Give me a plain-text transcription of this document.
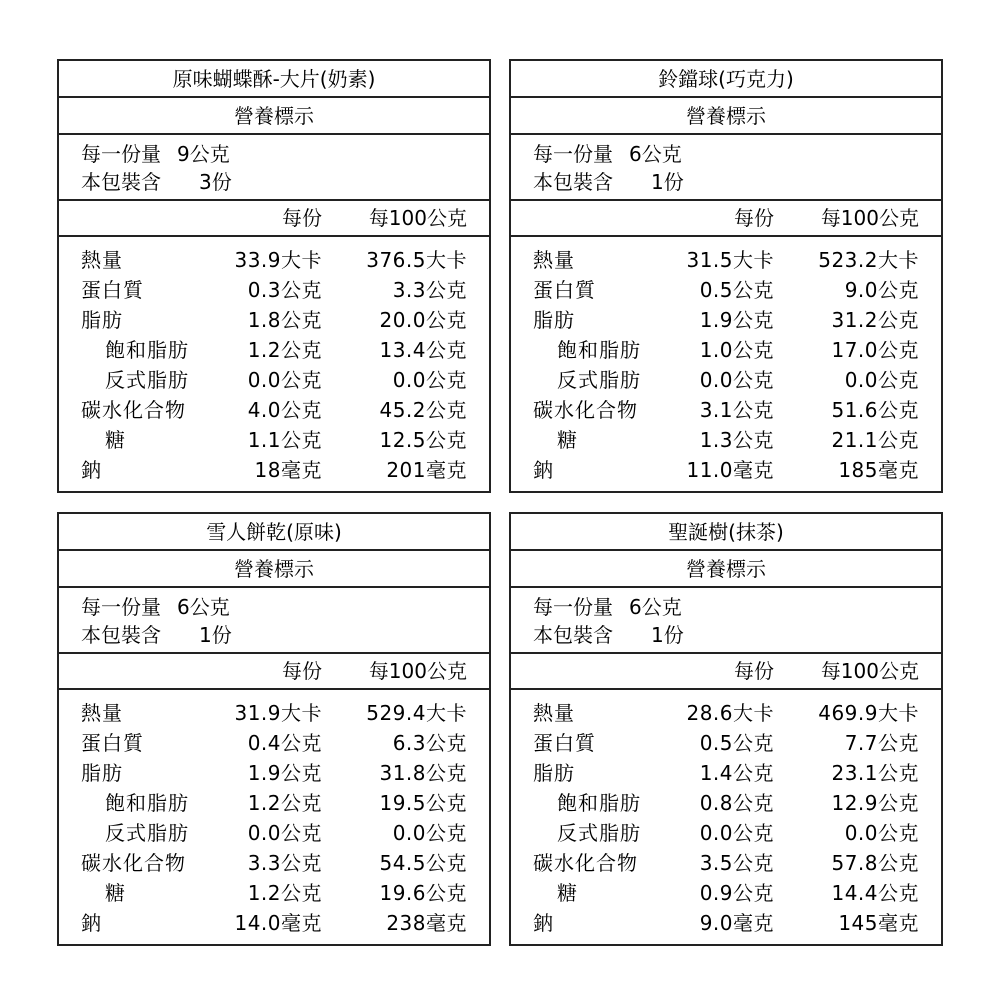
原味蝴蝶酥-大片(奶素)
營養標示
每一份量 9公克
本包裝含	3份
每份 每100公克
熱量	33.9大卡 376.5大卡
蛋白質	0.3公克	3.3公克
脂肪	1.8公克	20.0公克
飽和脂肪	1.2公克	13.4公克
反式脂肪	0.0公克	0.0公克
碳水化合物	4.0公克	45.2公克
糖	1.1公克	12.5公克
鈉	18毫克	201毫克
鈴鐺球(巧克力)
營養標示
每一份量 6公克
本包裝含	1份
每份 每100公克
熱量	31.5大卡 523.2大卡
蛋白質	0.5公克	9.0公克
脂肪	1.9公克	31.2公克
飽和脂肪	1.0公克	17.0公克
反式脂肪	0.0公克	0.0公克
碳水化合物	3.1公克	51.6公克
糖	1.3公克	21.1公克
鈉	11.0毫克	185毫克
雪人餅乾(原味)
營養標示
每一份量 6公克
本包裝含	1份
每份 每100公克
熱量	31.9大卡 529.4大卡
蛋白質	0.4公克	6.3公克
脂肪	1.9公克	31.8公克
飽和脂肪	1.2公克	19.5公克
反式脂肪	0.0公克	0.0公克
碳水化合物	3.3公克	54.5公克
糖	1.2公克	19.6公克
鈉	14.0毫克	238毫克
聖誕樹(抹茶)
營養標示
每一份量 6公克
本包裝含	1份
每份 每100公克
熱量	28.6大卡 469.9大卡
蛋白質	0.5公克	7.7公克
脂肪	1.4公克	23.1公克
飽和脂肪	0.8公克	12.9公克
反式脂肪	0.0公克	0.0公克
碳水化合物	3.5公克	57.8公克
糖	0.9公克	14.4公克
鈉	9.0毫克	145毫克
